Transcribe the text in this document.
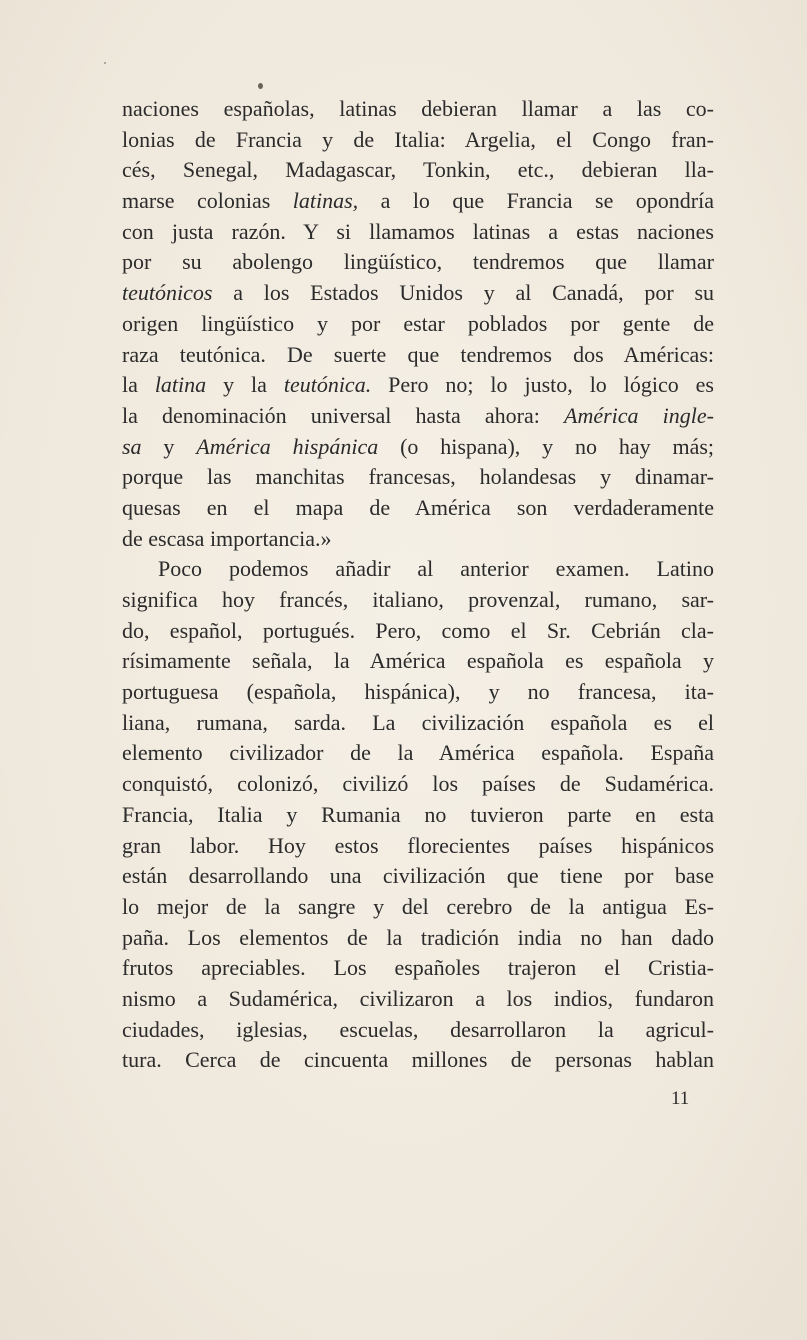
naciones españolas, latinas debieran llamar a las co-
lonias de Francia y de Italia: Argelia, el Congo fran-
cés, Senegal, Madagascar, Tonkin, etc., debieran lla-
marse colonias latinas, a lo que Francia se opondría
con justa razón. Y si llamamos latinas a estas naciones
por su abolengo lingüístico, tendremos que llamar
teutónicos a los Estados Unidos y al Canadá, por su
origen lingüístico y por estar poblados por gente de
raza teutónica. De suerte que tendremos dos Américas:
la latina y la teutónica. Pero no; lo justo, lo lógico es
la denominación universal hasta ahora: América ingle-
sa y América hispánica (o hispana), y no hay más;
porque las manchitas francesas, holandesas y dinamar-
quesas en el mapa de América son verdaderamente
de escasa importancia.»
Poco podemos añadir al anterior examen. Latino
significa hoy francés, italiano, provenzal, rumano, sar-
do, español, portugués. Pero, como el Sr. Cebrián cla-
rísimamente señala, la América española es española y
portuguesa (española, hispánica), y no francesa, ita-
liana, rumana, sarda. La civilización española es el
elemento civilizador de la América española. España
conquistó, colonizó, civilizó los países de Sudamérica.
Francia, Italia y Rumania no tuvieron parte en esta
gran labor. Hoy estos florecientes países hispánicos
están desarrollando una civilización que tiene por base
lo mejor de la sangre y del cerebro de la antigua Es-
paña. Los elementos de la tradición india no han dado
frutos apreciables. Los españoles trajeron el Cristia-
nismo a Sudamérica, civilizaron a los indios, fundaron
ciudades, iglesias, escuelas, desarrollaron la agricul-
tura. Cerca de cincuenta millones de personas hablan
11
